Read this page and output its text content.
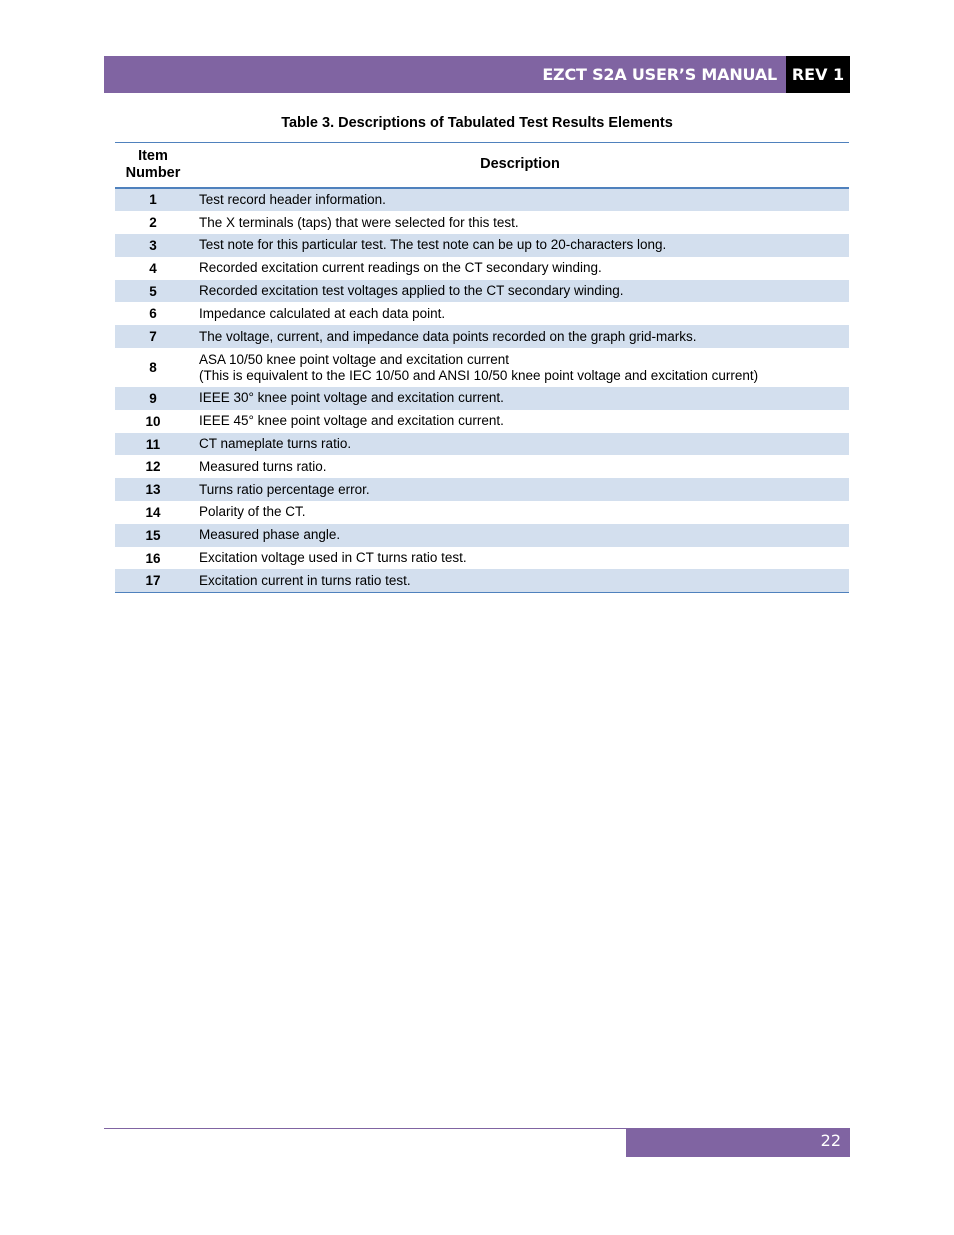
EZCT S2A USER’S MANUAL REV 1
Table 3. Descriptions of Tabulated Test Results Elements
Item
Number	Description
1	Test record header information.
2	The X terminals (taps) that were selected for this test.
3	Test note for this particular test. The test note can be up to 20-characters long.
4	Recorded excitation current readings on the CT secondary winding.
5	Recorded excitation test voltages applied to the CT secondary winding.
6	Impedance calculated at each data point.
7	The voltage, current, and impedance data points recorded on the graph grid-marks.
8	ASA 10/50 knee point voltage and excitation current
(This is equivalent to the IEC 10/50 and ANSI 10/50 knee point voltage and excitation current)
9	IEEE 30° knee point voltage and excitation current.
10	IEEE 45° knee point voltage and excitation current.
11	CT nameplate turns ratio.
12	Measured turns ratio.
13	Turns ratio percentage error.
14	Polarity of the CT.
15	Measured phase angle.
16	Excitation voltage used in CT turns ratio test.
17	Excitation current in turns ratio test.
22
